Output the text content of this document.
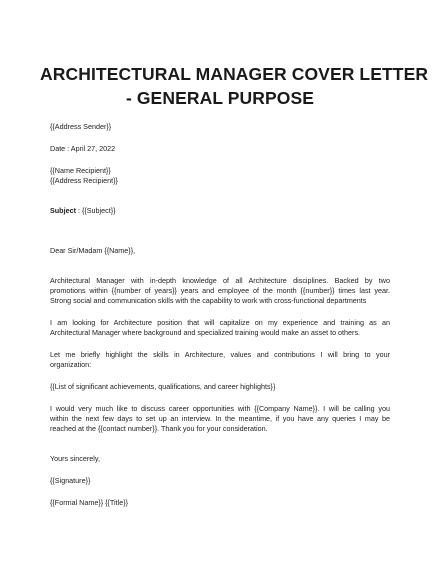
ARCHITECTURAL MANAGER COVER LETTER
- GENERAL PURPOSE
{{Address Sender}}
Date : April 27, 2022
{{Name Recipient}}
{{Address Recipient}}
Subject : {{Subject}}
Dear Sir/Madam {{Name}},
Architectural Manager with in-depth knowledge of all Architecture disciplines. Backed by two
promotions within {{number of years}} years and employee of the month {{number}} times last year.
Strong social and communication skills with the capability to work with cross-functional departments
I am looking for Architecture position that will capitalize on my experience and training as an
Architectural Manager where background and specialized training would make an asset to others.
Let me briefly highlight the skills in Architecture, values and contributions I will bring to your
organization:
{{List of significant achievements, qualifications, and career highlights}}
I would very much like to discuss career opportunities with {{Company Name}}. I will be calling you
within the next few days to set up an interview. In the meantime, if you have any queries I may be
reached at the {{contact number}}. Thank you for your consideration.
Yours sincerely,
{{Signature}}
{{Formal Name}} {{Title}}
